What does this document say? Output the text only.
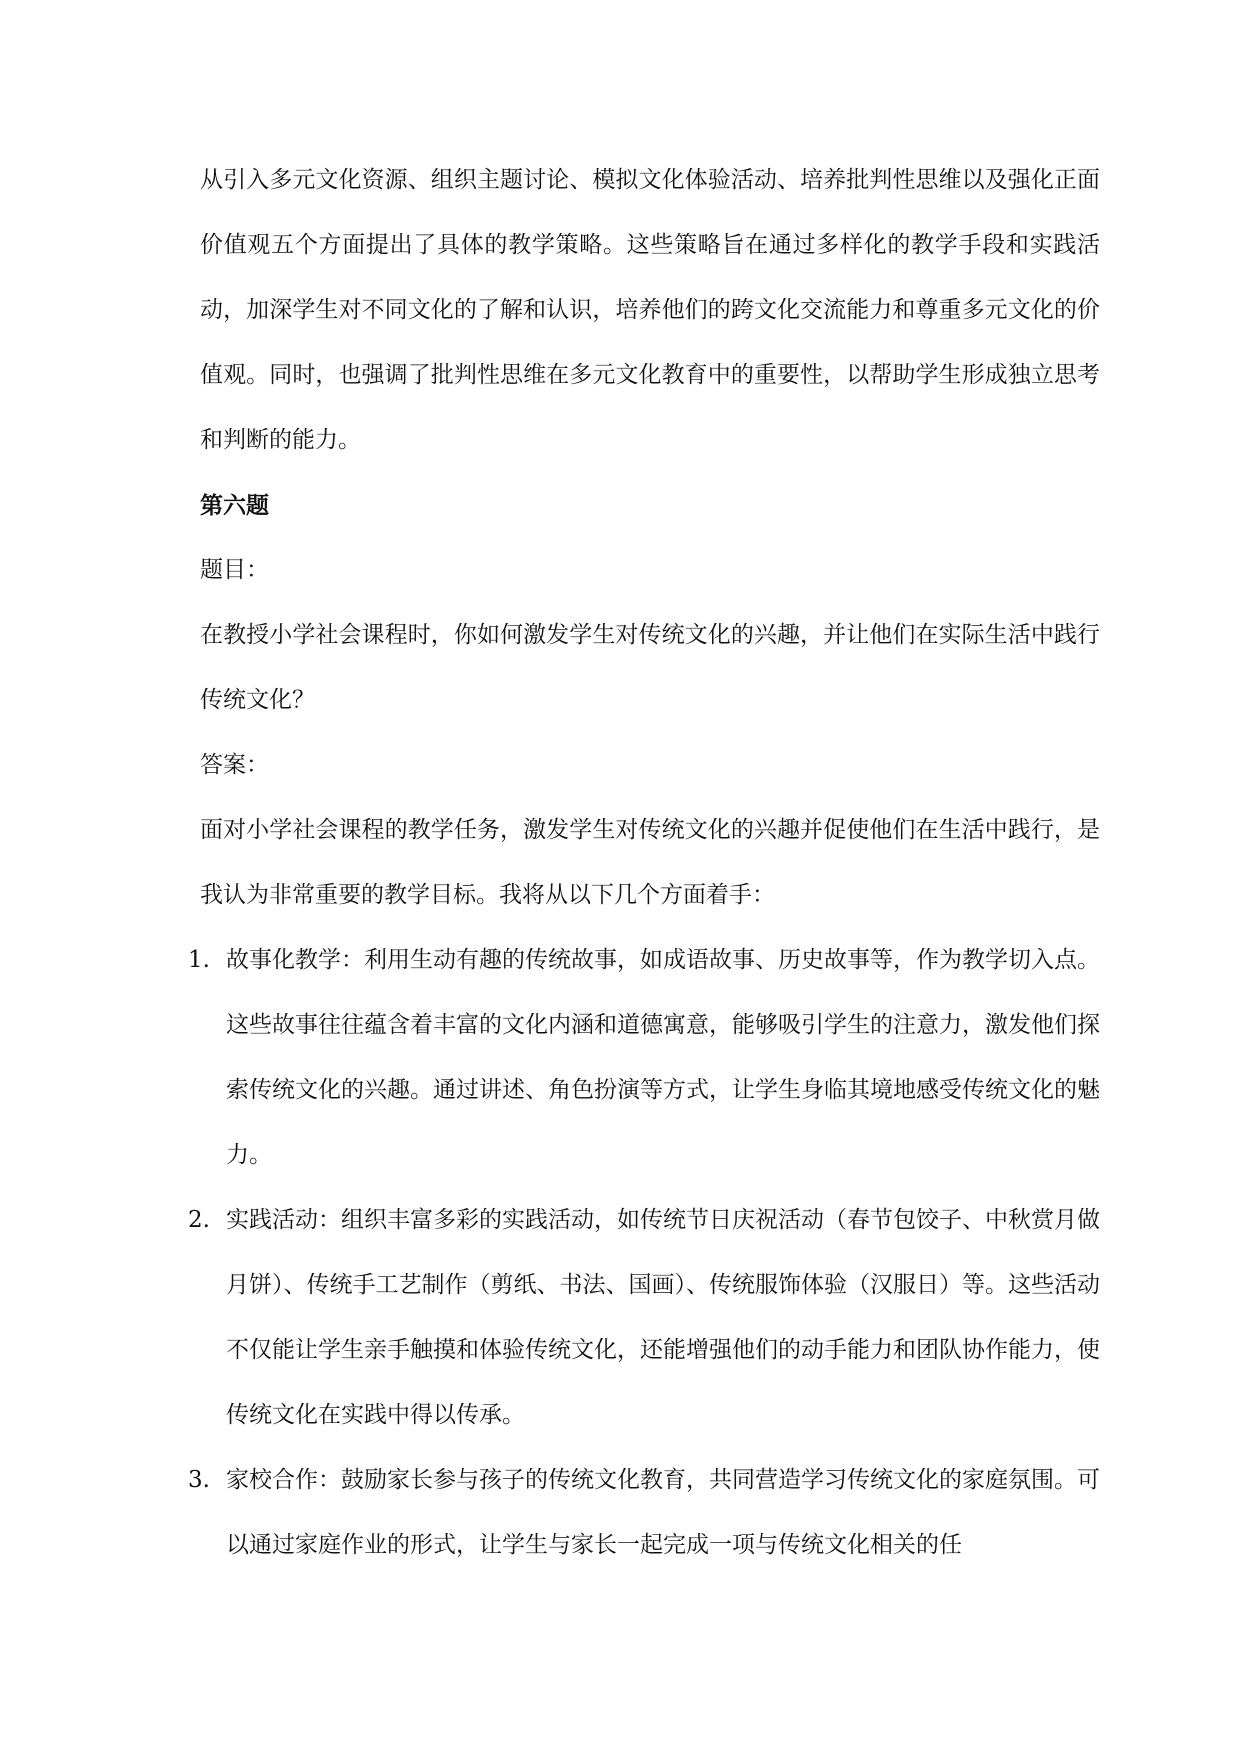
从引入多元文化资源、组织主题讨论、模拟文化体验活动、培养批判性思维以及强化正面价值观五个方面提出了具体的教学策略。这些策略旨在通过多样化的教学手段和实践活动，加深学生对不同文化的了解和认识，培养他们的跨文化交流能力和尊重多元文化的价值观。同时，也强调了批判性思维在多元文化教育中的重要性，以帮助学生形成独立思考和判断的能力。

第六题

题目：

在教授小学社会课程时，你如何激发学生对传统文化的兴趣，并让他们在实际生活中践行传统文化？

答案：

面对小学社会课程的教学任务，激发学生对传统文化的兴趣并促使他们在生活中践行，是我认为非常重要的教学目标。我将从以下几个方面着手：

1. 故事化教学：利用生动有趣的传统故事，如成语故事、历史故事等，作为教学切入点。这些故事往往蕴含着丰富的文化内涵和道德寓意，能够吸引学生的注意力，激发他们探索传统文化的兴趣。通过讲述、角色扮演等方式，让学生身临其境地感受传统文化的魅力。
2. 实践活动：组织丰富多彩的实践活动，如传统节日庆祝活动（春节包饺子、中秋赏月做月饼）、传统手工艺制作（剪纸、书法、国画）、传统服饰体验（汉服日）等。这些活动不仅能让学生亲手触摸和体验传统文化，还能增强他们的动手能力和团队协作能力，使传统文化在实践中得以传承。
3. 家校合作：鼓励家长参与孩子的传统文化教育，共同营造学习传统文化的家庭氛围。可以通过家庭作业的形式，让学生与家长一起完成一项与传统文化相关的任
